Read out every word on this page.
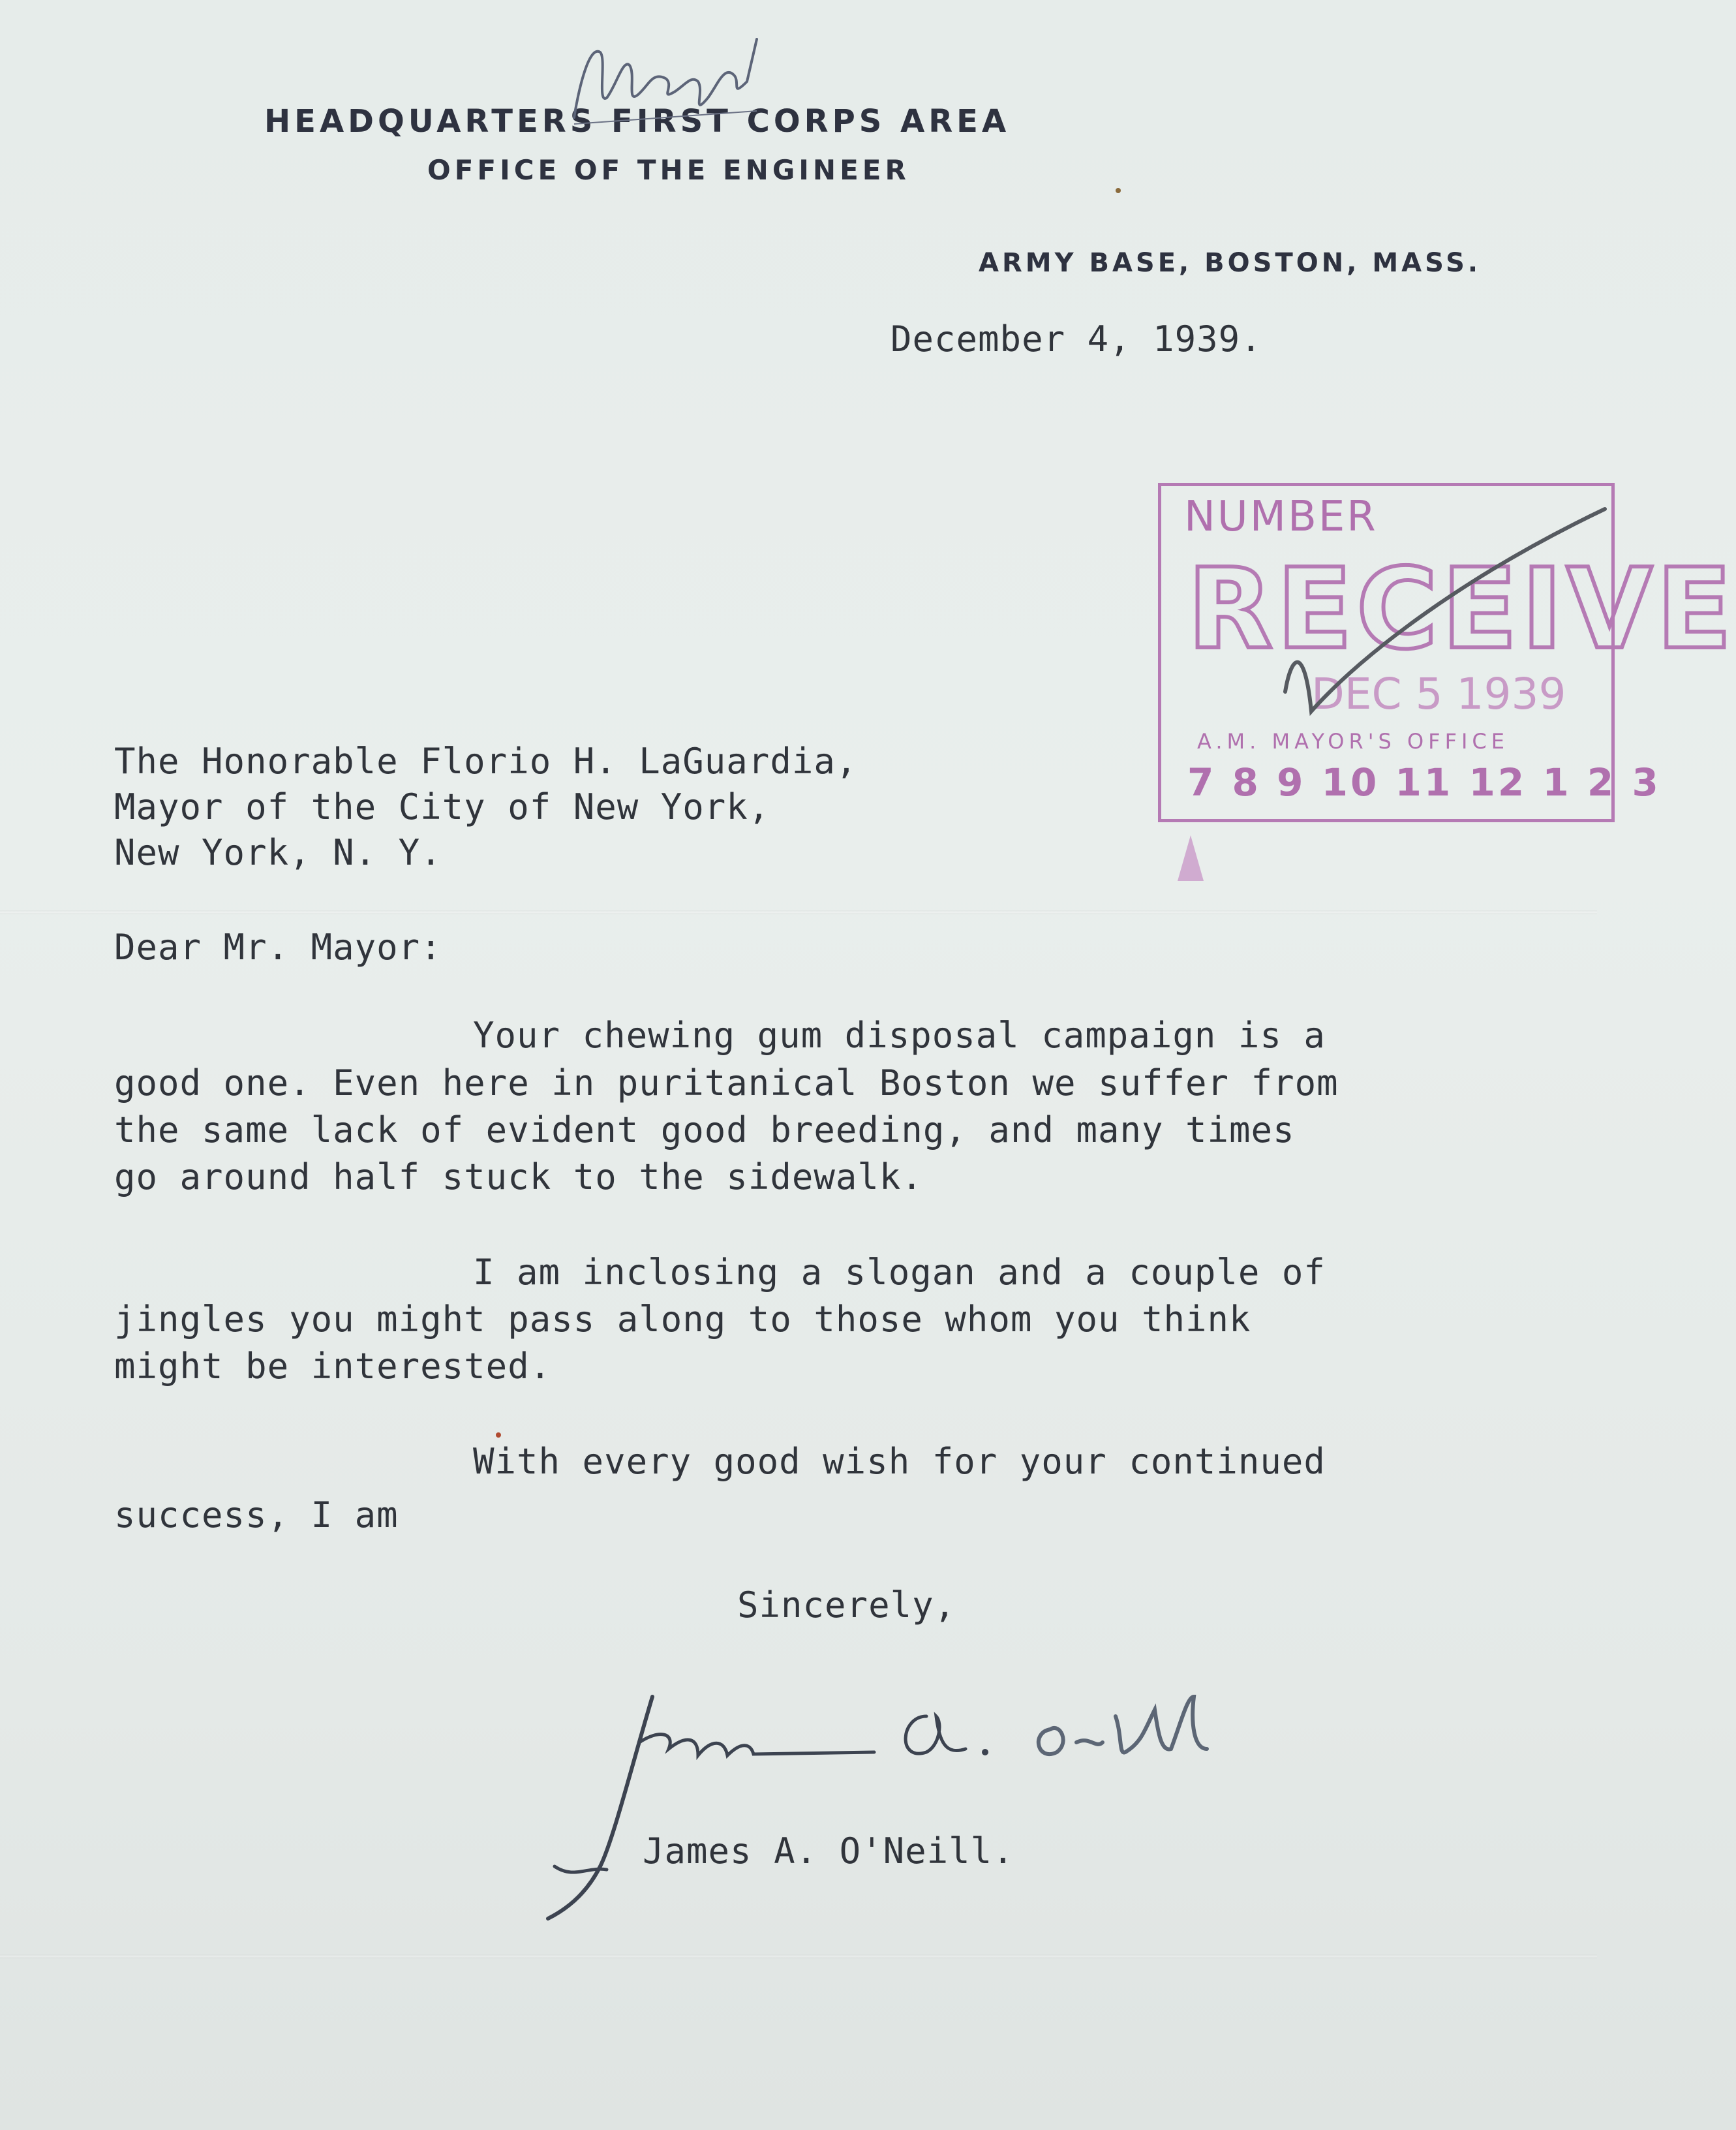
HEADQUARTERS FIRST CORPS AREA
OFFICE OF THE ENGINEER
ARMY BASE, BOSTON, MASS.
December 4, 1939.
NUMBER
RECEIVE
DEC 5 1939
A.M. MAYOR'S OFFICE
7 8 9 10 11 12 1 2 3
The Honorable Florio H. LaGuardia,
Mayor of the City of New York,
New York, N. Y.
Dear Mr. Mayor:
Your chewing gum disposal campaign is a
good one. Even here in puritanical Boston we suffer from
the same lack of evident good breeding, and many times
go around half stuck to the sidewalk.
I am inclosing a slogan and a couple of
jingles you might pass along to those whom you think
might be interested.
With every good wish for your continued
success, I am
Sincerely,
James A. O'Neill.
